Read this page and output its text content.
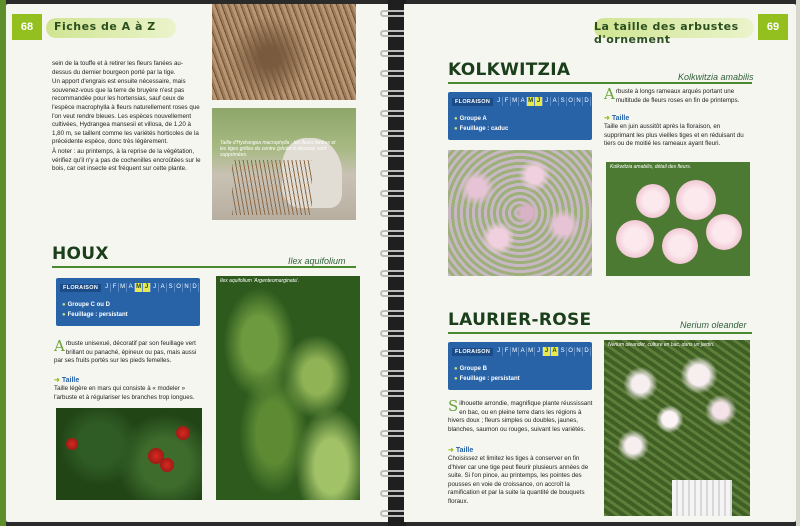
68	Fiches de A à Z

sein de la touffe et à retirer les fleurs fanées au-dessus du dernier bourgeon porté par la tige.

Un apport d'engrais est ensuite nécessaire, mais souvenez-vous que la terre de bruyère n'est pas recommandée pour les hortensias, sauf ceux de l'espèce macrophylla à fleurs naturellement roses que l'on veut rendre bleues. Les espèces nouvellement cultivées, Hydrangea mansesii et villosa, de 1,20 à 1,80 m, se taillent comme les variétés horticoles de la précédente espèce, donc très légèrement.

À noter : au printemps, à la reprise de la végétation, vérifiez qu'il n'y a pas de cochenilles encroûtées sur le bois, car cet insecte est fréquent sur cette plante.

Taille d'Hydrangea macrophylla : les fleurs fanées et les tiges grêles du centre (photo ci-dessus) sont supprimées.
HOUX	Ilex aquifolium
FLORAISON	J F M A M J J A S O N D
● Groupe C ou D
● Feuillage : persistant
Arbuste unisexué, décoratif par son feuillage vert brillant ou panaché, épineux ou pas, mais aussi par ses fruits portés sur les pieds femelles.
➜ Taille
Taille légère en mars qui consiste à « modeler » l'arbuste et à régulariser les branches trop longues.
Ilex aquifolium 'Argenteomarginata'.
La taille des arbustes d'ornement
69
KOLKWITZIA	Kolkwitzia amabilis
FLORAISON	J F M A M J J A S O N D
● Groupe A
● Feuillage : caduc
Arbuste à longs rameaux arqués portant une multitude de fleurs roses en fin de printemps.
➜ Taille
Taille en juin aussitôt après la floraison, en supprimant les plus vieilles tiges et en réduisant du tiers ou de moitié les rameaux ayant fleuri.
Kolkwitzia amabilis, détail des fleurs.
LAURIER-ROSE	Nerium oleander
FLORAISON	J F M A M J J A S O N D
● Groupe B
● Feuillage : persistant
Silhouette arrondie, magnifique plante réussissant en bac, ou en pleine terre dans les régions à hivers doux ; fleurs simples ou doubles, jaunes, blanches, saumon ou rouges, suivant les variétés.
➜ Taille
Choisissez et limitez les tiges à conserver en fin d'hiver car une tige peut fleurir plusieurs années de suite. Si l'on pince, au printemps, les pointes des pousses en voie de croissance, on accroît la ramification et par la suite la quantité de bouquets floraux.
Nerium oleander, culture en bac, dans un jardin.
